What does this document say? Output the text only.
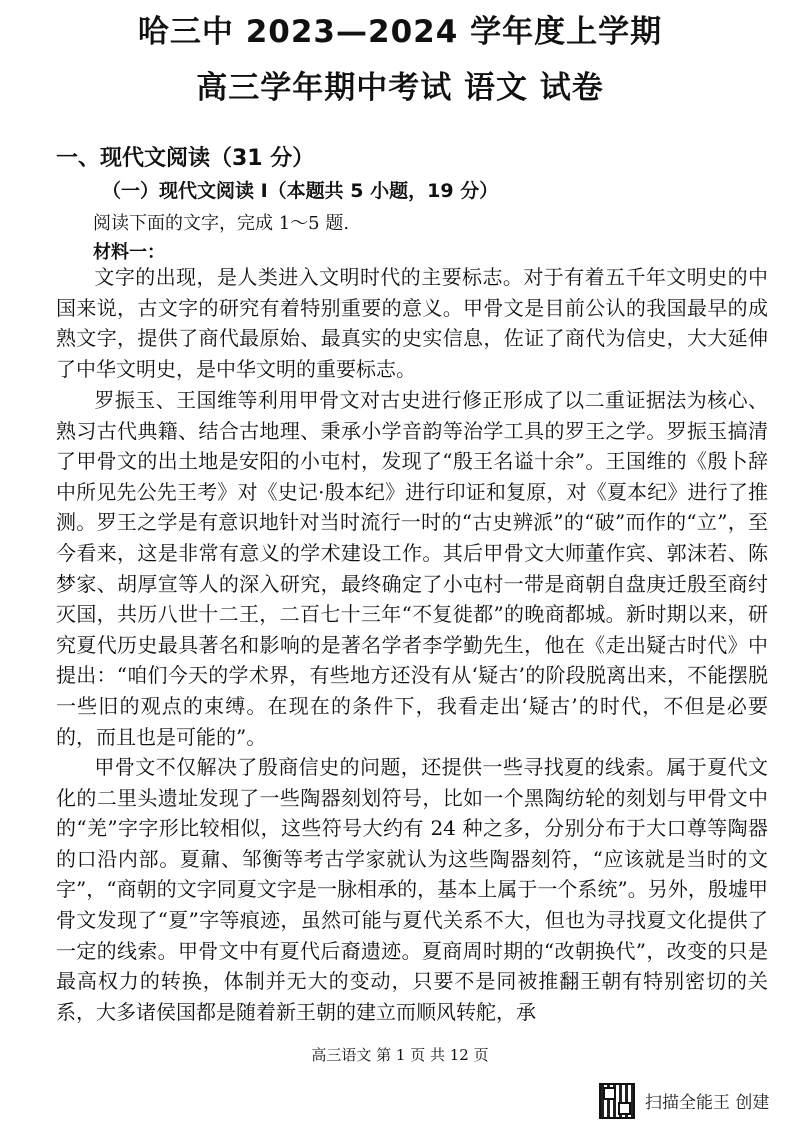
哈三中 2023—2024 学年度上学期
高三学年期中考试 语文 试卷
一、现代文阅读（31 分）
（一）现代文阅读 I（本题共 5 小题，19 分）
阅读下面的文字，完成 1～5 题.
材料一：

文字的出现，是人类进入文明时代的主要标志。对于有着五千年文明史的中国来说，古文字的研究有着特别重要的意义。甲骨文是目前公认的我国最早的成熟文字，提供了商代最原始、最真实的史实信息，佐证了商代为信史，大大延伸了中华文明史，是中华文明的重要标志。

罗振玉、王国维等利用甲骨文对古史进行修正形成了以二重证据法为核心、熟习古代典籍、结合古地理、秉承小学音韵等治学工具的罗王之学。罗振玉搞清了甲骨文的出土地是安阳的小屯村，发现了“殷王名谥十余”。王国维的《殷卜辞中所见先公先王考》对《史记·殷本纪》进行印证和复原，对《夏本纪》进行了推测。罗王之学是有意识地针对当时流行一时的“古史辨派”的“破”而作的“立”，至今看来，这是非常有意义的学术建设工作。其后甲骨文大师董作宾、郭沫若、陈梦家、胡厚宣等人的深入研究，最终确定了小屯村一带是商朝自盘庚迁殷至商纣灭国，共历八世十二王，二百七十三年“不复徙都”的晚商都城。新时期以来，研究夏代历史最具著名和影响的是著名学者李学勤先生，他在《走出疑古时代》中提出：“咱们今天的学术界，有些地方还没有从‘疑古’的阶段脱离出来，不能摆脱一些旧的观点的束缚。在现在的条件下，我看走出‘疑古’的时代，不但是必要的，而且也是可能的”。

甲骨文不仅解决了殷商信史的问题，还提供一些寻找夏的线索。属于夏代文化的二里头遗址发现了一些陶器刻划符号，比如一个黑陶纺轮的刻划与甲骨文中的“羌”字字形比较相似，这些符号大约有 24 种之多，分别分布于大口尊等陶器的口沿内部。夏鼐、邹衡等考古学家就认为这些陶器刻符，“应该就是当时的文字”，“商朝的文字同夏文字是一脉相承的，基本上属于一个系统”。另外，殷墟甲骨文发现了“夏”字等痕迹，虽然可能与夏代关系不大，但也为寻找夏文化提供了一定的线索。甲骨文中有夏代后裔遗迹。夏商周时期的“改朝换代”，改变的只是最高权力的转换，体制并无大的变动，只要不是同被推翻王朝有特别密切的关系，大多诸侯国都是随着新王朝的建立而顺风转舵，承

高三语文 第 1 页 共 12 页
扫描全能王 创建
